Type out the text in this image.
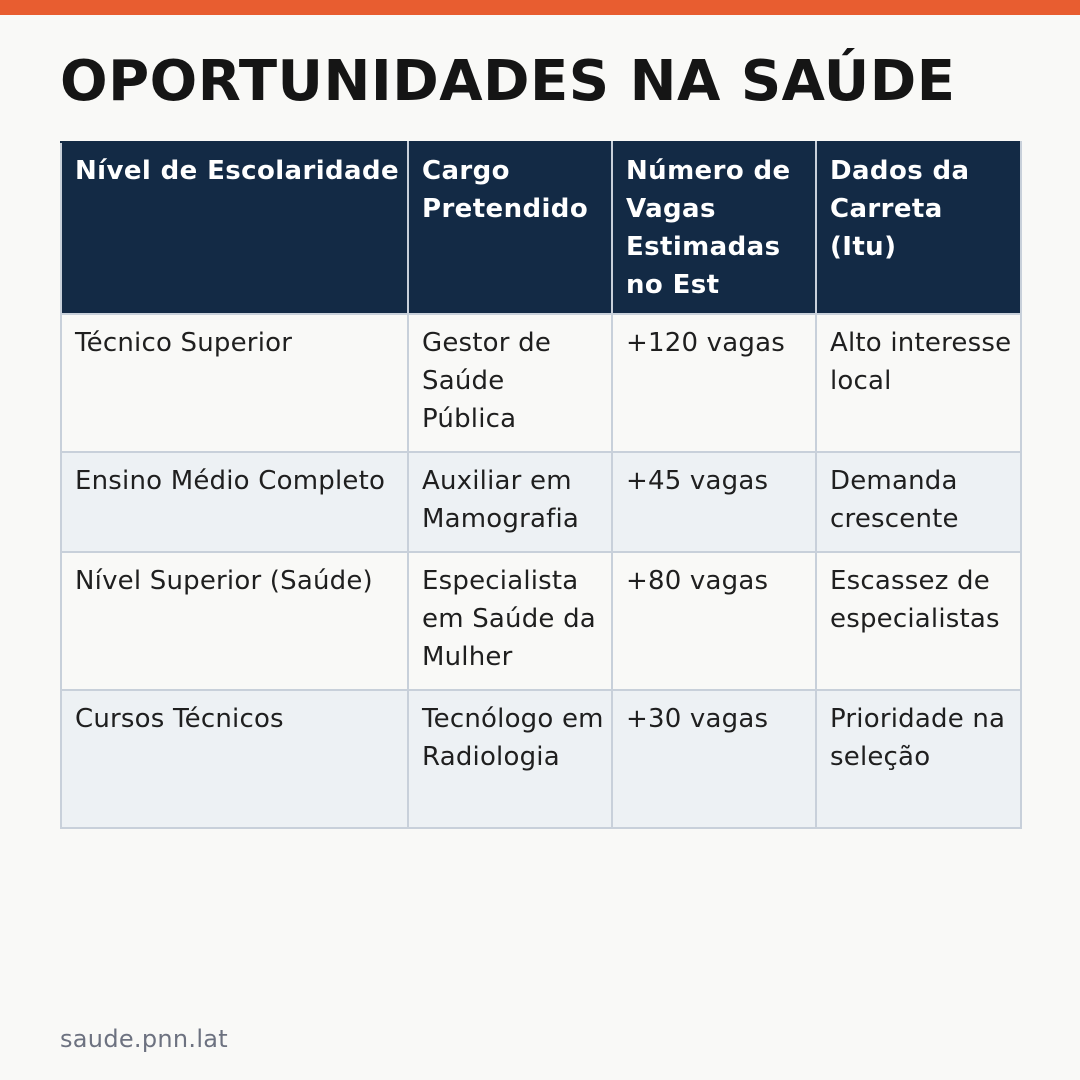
OPORTUNIDADES NA SAÚDE
Nível de Escolaridade	Cargo Pretendido	Número de Vagas Estimadas no Est	Dados da Carreta (Itu)
Técnico Superior	Gestor de Saúde Pública	+120 vagas	Alto interesse local
Ensino Médio Completo	Auxiliar em Mamografia	+45 vagas	Demanda crescente
Nível Superior (Saúde)	Especialista em Saúde da Mulher	+80 vagas	Escassez de especialistas
Cursos Técnicos	Tecnólogo em Radiologia	+30 vagas	Prioridade na seleção
saude.pnn.lat
